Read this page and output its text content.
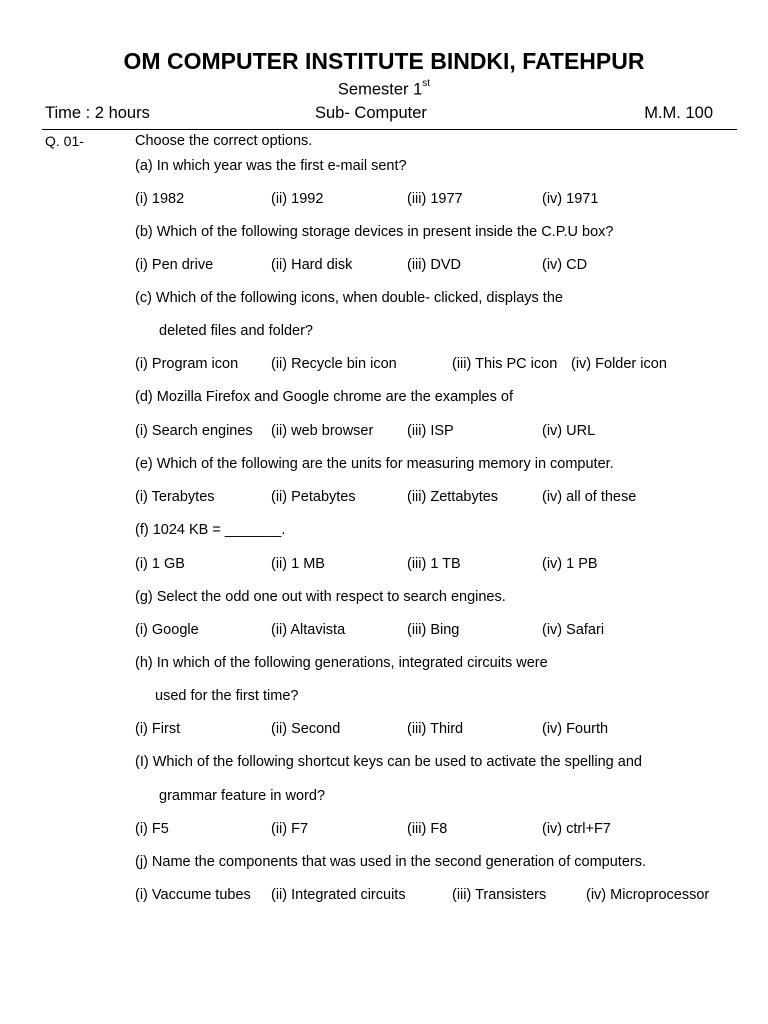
OM COMPUTER INSTITUTE BINDKI, FATEHPUR
Semester 1st
Time : 2 hours	Sub- Computer	M.M. 100
Q. 01-	Choose the correct options.
(a) In which year was the first e-mail sent?
(i) 1982	(ii) 1992	(iii) 1977	(iv) 1971
(b) Which of the following storage devices in present inside the C.P.U box?
(i) Pen drive	(ii) Hard disk	(iii) DVD	(iv) CD
(c) Which of the following icons, when double- clicked, displays the
deleted files and folder?
(i) Program icon (ii) Recycle bin icon	(iii) This PC icon (iv) Folder icon
(d) Mozilla Firefox and Google chrome are the examples of
(i) Search engines (ii) web browser (iii) ISP	(iv) URL
(e) Which of the following are the units for measuring memory in computer.
(i) Terabytes	(ii) Petabytes	(iii) Zettabytes	(iv) all of these
(f) 1024 KB = _______.
(i) 1 GB	(ii) 1 MB	(iii) 1 TB	(iv) 1 PB
(g) Select the odd one out with respect to search engines.
(i) Google	(ii) Altavista	(iii) Bing	(iv) Safari
(h) In which of the following generations, integrated circuits were
used for the first time?
(i) First	(ii) Second	(iii) Third	(iv) Fourth
(I) Which of the following shortcut keys can be used to activate the spelling and
grammar feature in word?
(i) F5	(ii) F7	(iii) F8	(iv) ctrl+F7
(j) Name the components that was used in the second generation of computers.
(i) Vaccume tubes (ii) Integrated circuits	(iii) Transisters	(iv) Microprocessor
